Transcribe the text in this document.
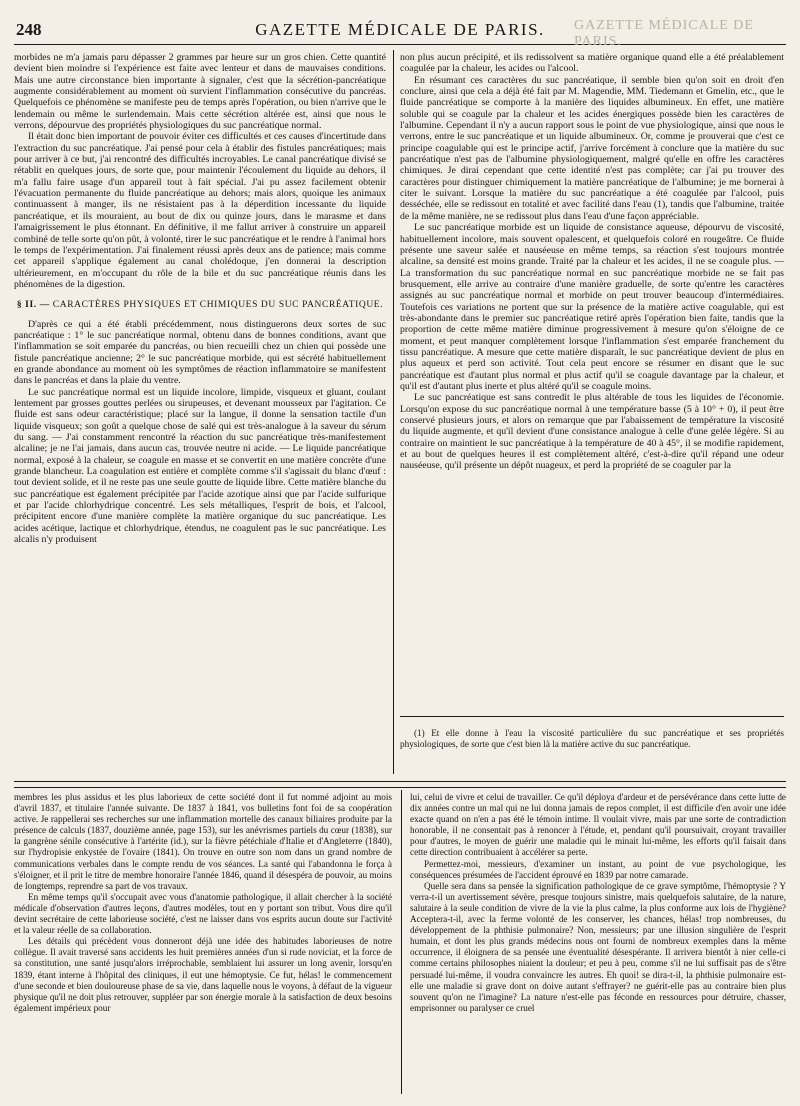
GAZETTE MÉDICALE DE PARIS.
248	GAZETTE MÉDICALE DE PARIS.

morbides ne m'a jamais paru dépasser 2 grammes par heure sur un gros chien. Cette quantité devient bien moindre si l'expérience est faite avec lenteur et dans de mauvaises conditions. Mais une autre circonstance bien importante à signaler, c'est que la sécrétion-pancréatique augmente considérablement au moment où survient l'inflammation consécutive du pancréas. Quelquefois ce phénomène se manifeste peu de temps après l'opération, ou bien n'arrive que le lendemain ou même le surlendemain. Mais cette sécrétion altérée est, ainsi que nous le verrons, dépourvue des propriétés physiologiques du suc pancréatique normal.

Il était donc bien important de pouvoir éviter ces difficultés et ces causes d'incertitude dans l'extraction du suc pancréatique. J'ai pensé pour cela à établir des fistules pancréatiques; mais pour arriver à ce but, j'ai rencontré des difficultés incroyables. Le canal pancréatique divisé se rétablit en quelques jours, de sorte que, pour maintenir l'écoulement du liquide au dehors, il m'a fallu faire usage d'un appareil tout à fait spécial. J'ai pu assez facilement obtenir l'évacuation permanente du fluide pancréatique au dehors; mais alors, quoique les animaux continuassent à manger, ils ne résistaient pas à la déperdition incessante du liquide pancréatique, et ils mouraient, au bout de dix ou quinze jours, dans le marasme et dans l'amaigrissement le plus étonnant. En définitive, il me fallut arriver à construire un appareil combiné de telle sorte qu'on pût, à volonté, tirer le suc pancréatique et le rendre à l'animal hors le temps de l'expérimentation. J'ai finalement réussi après deux ans de patience; mais comme cet appareil s'applique également au canal cholédoque, j'en donnerai la description ultérieurement, en m'occupant du rôle de la bile et du suc pancréatique réunis dans les phénomènes de la digestion.

§ II. — CARACTÈRES PHYSIQUES ET CHIMIQUES DU SUC PANCRÉATIQUE.

D'après ce qui a été établi précédemment, nous distinguerons deux sortes de suc pancréatique : 1° le suc pancréatique normal, obtenu dans de bonnes conditions, avant que l'inflammation se soit emparée du pancréas, ou bien recueilli chez un chien qui possède une fistule pancréatique ancienne; 2° le suc pancréatique morbide, qui est sécrété habituellement en grande abondance au moment où les symptômes de réaction inflammatoire se manifestent dans le pancréas et dans la plaie du ventre.

Le suc pancréatique normal est un liquide incolore, limpide, visqueux et gluant, coulant lentement par grosses gouttes perlées ou sirupeuses, et devenant mousseux par l'agitation. Ce fluide est sans odeur caractéristique; placé sur la langue, il donne la sensation tactile d'un liquide visqueux; son goût a quelque chose de salé qui est très-analogue à la saveur du sérum du sang. — J'ai constamment rencontré la réaction du suc pancréatique très-manifestement alcaline; je ne l'ai jamais, dans aucun cas, trouvée neutre ni acide. — Le liquide pancréatique normal, exposé à la chaleur, se coagule en masse et se convertit en une matière concrète d'une grande blancheur. La coagulation est entière et complète comme s'il s'agissait du blanc d'œuf : tout devient solide, et il ne reste pas une seule goutte de liquide libre. Cette matière blanche du suc pancréatique est également précipitée par l'acide azotique ainsi que par l'acide sulfurique et par l'acide chlorhydrique concentré. Les sels métalliques, l'esprit de bois, et l'alcool, précipitent encore d'une manière complète la matière organique du suc pancréatique. Les acides acétique, lactique et chlorhydrique, étendus, ne coagulent pas le suc pancréatique. Les alcalis n'y produisent

non plus aucun précipité, et ils redissolvent sa matière organique quand elle a été préalablement coagulée par la chaleur, les acides ou l'alcool.

En résumant ces caractères du suc pancréatique, il semble bien qu'on soit en droit d'en conclure, ainsi que cela a déjà été fait par M. Magendie, MM. Tiedemann et Gmelin, etc., que le fluide pancréatique se comporte à la manière des liquides albumineux. En effet, une matière soluble qui se coagule par la chaleur et les acides énergiques possède bien les caractères de l'albumine. Cependant il n'y a aucun rapport sous le point de vue physiologique, ainsi que nous le verrons, entre le suc pancréatique et un liquide albumineux. Or, comme je prouverai que c'est ce principe coagulable qui est le principe actif, j'arrive forcément à conclure que la matière du suc pancréatique n'est pas de l'albumine physiologiquement, malgré qu'elle en offre les caractères chimiques. Je dirai cependant que cette identité n'est pas complète; car j'ai pu trouver des caractères pour distinguer chimiquement la matière pancréatique de l'albumine; je me bornerai à citer le suivant. Lorsque la matière du suc pancréatique a été coagulée par l'alcool, puis desséchée, elle se redissout en totalité et avec facilité dans l'eau (1), tandis que l'albumine, traitée de la même manière, ne se redissout plus dans l'eau d'une façon appréciable.

Le suc pancréatique morbide est un liquide de consistance aqueuse, dépourvu de viscosité, habituellement incolore, mais souvent opalescent, et quelquefois coloré en rougeâtre. Ce fluide présente une saveur salée et nauséeuse en même temps, sa réaction s'est toujours montrée alcaline, sa densité est moins grande. Traité par la chaleur et les acides, il ne se coagule plus. — La transformation du suc pancréatique normal en suc pancréatique morbide ne se fait pas brusquement, elle arrive au contraire d'une manière graduelle, de sorte qu'entre les caractères assignés au suc pancréatique normal et morbide on peut trouver beaucoup d'intermédiaires. Toutefois ces variations ne portent que sur la présence de la matière active coagulable, qui est très-abondante dans le premier suc pancréatique retiré après l'opération bien faite, tandis que la proportion de cette même matière diminue progressivement à mesure qu'on s'éloigne de ce moment, et peut manquer complètement lorsque l'inflammation s'est emparée franchement du tissu pancréatique. A mesure que cette matière disparaît, le suc pancréatique devient de plus en plus aqueux et perd son activité. Tout cela peut encore se résumer en disant que le suc pancréatique est d'autant plus normal et plus actif qu'il se coagule davantage par la chaleur, et qu'il est d'autant plus inerte et plus altéré qu'il se coagule moins.

Le suc pancréatique est sans contredit le plus altérable de tous les liquides de l'économie. Lorsqu'on expose du suc pancréatique normal à une température basse (5 à 10° + 0), il peut être conservé plusieurs jours, et alors on remarque que par l'abaissement de température la viscosité du liquide augmente, et qu'il devient d'une consistance analogue à celle d'une gelée légère. Si au contraire on maintient le suc pancréatique à la température de 40 à 45°, il se modifie rapidement, et au bout de quelques heures il est complètement altéré, c'est-à-dire qu'il répand une odeur nauséeuse, qu'il présente un dépôt nuageux, et perd la propriété de se coaguler par la

(1) Et elle donne à l'eau la viscosité particulière du suc pancréatique et ses propriétés physiologiques, de sorte que c'est bien là la matière active du suc pancréatique.

membres les plus assidus et les plus laborieux de cette société dont il fut nommé adjoint au mois d'avril 1837, et titulaire l'année suivante. De 1837 à 1841, vos bulletins font foi de sa coopération active. Je rappellerai ses recherches sur une inflammation mortelle des canaux biliaires produite par la présence de calculs (1837, douzième année, page 153), sur les anévrismes partiels du cœur (1838), sur la gangrène sénile consécutive à l'artérite (id.), sur la fièvre pétéchiale d'Italie et d'Angleterre (1840), sur l'hydropisie enkystée de l'ovaire (1841). On trouve en outre son nom dans un grand nombre de communications verbales dans le compte rendu de vos séances. La santé qui l'abandonna le força à s'éloigner, et il prit le titre de membre honoraire l'année 1846, quand il désespéra de pouvoir, au moins de longtemps, reprendre sa part de vos travaux.

En même temps qu'il s'occupait avec vous d'anatomie pathologique, il allait chercher à la société médicale d'observation d'autres leçons, d'autres modèles, tout en y portant son tribut. Vous dire qu'il devint secrétaire de cette laborieuse société, c'est ne laisser dans vos esprits aucun doute sur l'activité et la valeur réelle de sa collaboration.

Les détails qui précèdent vous donneront déjà une idée des habitudes laborieuses de notre collègue. Il avait traversé sans accidents les huit premières années d'un si rude noviciat, et la force de sa constitution, une santé jusqu'alors irréprochable, semblaient lui assurer un long avenir, lorsqu'en 1839, étant interne à l'hôpital des cliniques, il eut une hémoptysie. Ce fut, hélas! le commencement d'une seconde et bien douloureuse phase de sa vie, dans laquelle nous le voyons, à défaut de la vigueur physique qu'il ne doit plus retrouver, suppléer par son énergie morale à la satisfaction de deux besoins également impérieux pour

lui, celui de vivre et celui de travailler. Ce qu'il déploya d'ardeur et de persévérance dans cette lutte de dix années contre un mal qui ne lui donna jamais de repos complet, il est difficile d'en avoir une idée exacte quand on n'en a pas été le témoin intime. Il voulait vivre, mais par une sorte de contradiction honorable, il ne consentait pas à renoncer à l'étude, et, pendant qu'il poursuivait, croyant travailler pour d'autres, le moyen de guérir une maladie qui le minait lui-même, les efforts qu'il faisait dans cette direction contribuaient à accélérer sa perte.

Permettez-moi, messieurs, d'examiner un instant, au point de vue psychologique, les conséquences présumées de l'accident éprouvé en 1839 par notre camarade.

Quelle sera dans sa pensée la signification pathologique de ce grave symptôme, l'hémoptysie ? Y verra-t-il un avertissement sévère, presque toujours sinistre, mais quelquefois salutaire, de la nature, salutaire à la seule condition de vivre de la vie la plus calme, la plus conforme aux lois de l'hygiène? Acceptera-t-il, avec la ferme volonté de les conserver, les chances, hélas! trop nombreuses, du développement de la phthisie pulmonaire? Non, messieurs; par une illusion singulière de l'esprit humain, et dont les plus grands médecins nous ont fourni de nombreux exemples dans la même occurrence, il éloignera de sa pensée une éventualité désespérante. Il arrivera bientôt à nier celle-ci comme certains philosophes niaient la douleur; et peu à peu, comme s'il ne lui suffisait pas de s'être persuadé lui-même, il voudra convaincre les autres. Eh quoi! se dira-t-il, la phthisie pulmonaire est-elle une maladie si grave dont on doive autant s'effrayer? ne guérit-elle pas au contraire bien plus souvent qu'on ne l'imagine? La nature n'est-elle pas féconde en ressources pour détruire, chasser, emprisonner ou paralyser ce cruel
